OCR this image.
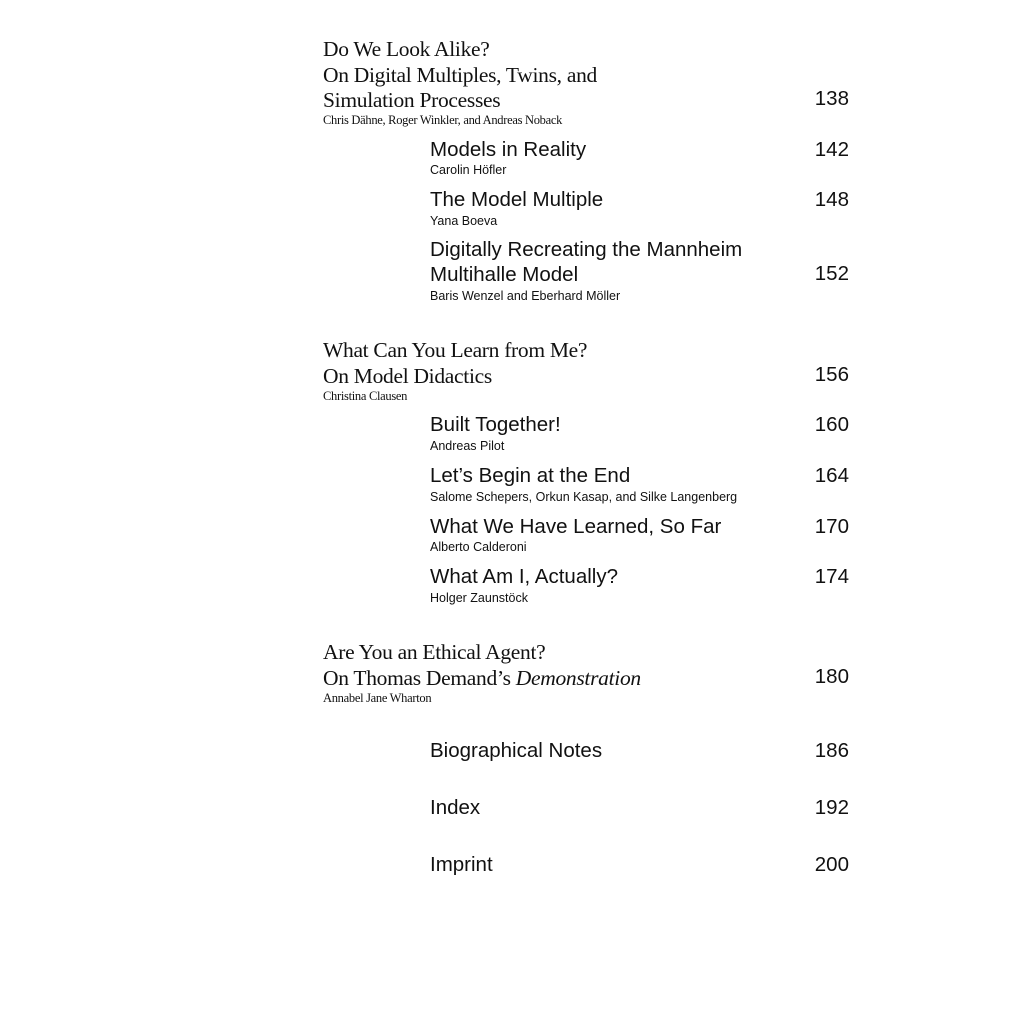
Do We Look Alike?
On Digital Multiples, Twins, and
Simulation Processes	138
Chris Dähne, Roger Winkler, and Andreas Noback
Models in Reality	142
Carolin Höfler
The Model Multiple	148
Yana Boeva
Digitally Recreating the Mannheim
Multihalle Model	152
Baris Wenzel and Eberhard Möller
What Can You Learn from Me?
On Model Didactics	156
Christina Clausen
Built Together!	160
Andreas Pilot
Let’s Begin at the End	164
Salome Schepers, Orkun Kasap, and Silke Langenberg
What We Have Learned, So Far	170
Alberto Calderoni
What Am I, Actually?	174
Holger Zaunstöck
Are You an Ethical Agent?
On Thomas Demand’s Demonstration	180
Annabel Jane Wharton
Biographical Notes	186
Index	192
Imprint	200
